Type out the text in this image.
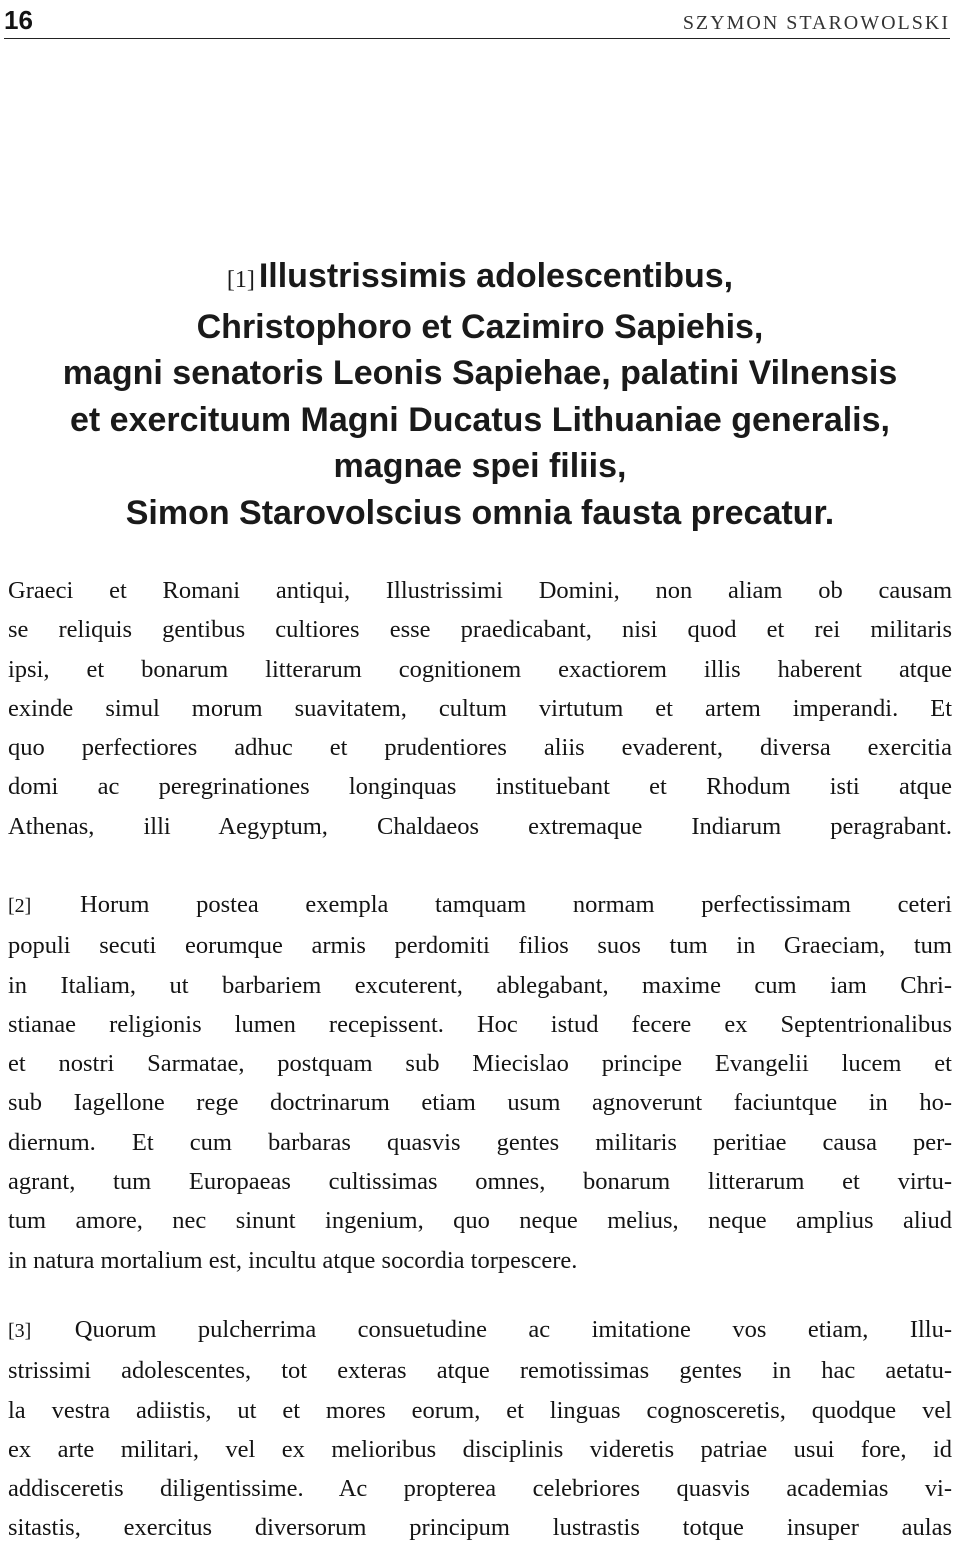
16	SZYMON STAROWOLSKI
[1] Illustrissimis adolescentibus,
Christophoro et Cazimiro Sapiehis,
magni senatoris Leonis Sapiehae, palatini Vilnensis
et exercituum Magni Ducatus Lithuaniae generalis,
magnae spei filiis,
Simon Starovolscius omnia fausta precatur.
Graeci et Romani antiqui, Illustrissimi Domini, non aliam ob causam
se reliquis gentibus cultiores esse praedicabant, nisi quod et rei militaris
ipsi, et bonarum litterarum cognitionem exactiorem illis haberent atque
exinde simul morum suavitatem, cultum virtutum et artem imperandi. Et
quo perfectiores adhuc et prudentiores aliis evaderent, diversa exercitia
domi ac peregrinationes longinquas instituebant et Rhodum isti atque
Athenas, illi Aegyptum, Chaldaeos extremaque Indiarum peragrabant.
[2] Horum postea exempla tamquam normam perfectissimam ceteri
populi secuti eorumque armis perdomiti filios suos tum in Graeciam, tum
in Italiam, ut barbariem excuterent, ablegabant, maxime cum iam Chri-
stianae religionis lumen recepissent. Hoc istud fecere ex Septentrionalibus
et nostri Sarmatae, postquam sub Miecislao principe Evangelii lucem et
sub Iagellone rege doctrinarum etiam usum agnoverunt faciuntque in ho-
diernum. Et cum barbaras quasvis gentes militaris peritiae causa per-
agrant, tum Europaeas cultissimas omnes, bonarum litterarum et virtu-
tum amore, nec sinunt ingenium, quo neque melius, neque amplius aliud
in natura mortalium est, incultu atque socordia torpescere.
[3] Quorum pulcherrima consuetudine ac imitatione vos etiam, Illu-
strissimi adolescentes, tot exteras atque remotissimas gentes in hac aetatu-
la vestra adiistis, ut et mores eorum, et linguas cognosceretis, quodque vel
ex arte militari, vel ex melioribus disciplinis videretis patriae usui fore, id
addisceretis diligentissime. Ac propterea celebriores quasvis academias vi-
sitastis, exercitus diversorum principum lustrastis totque insuper aulas
